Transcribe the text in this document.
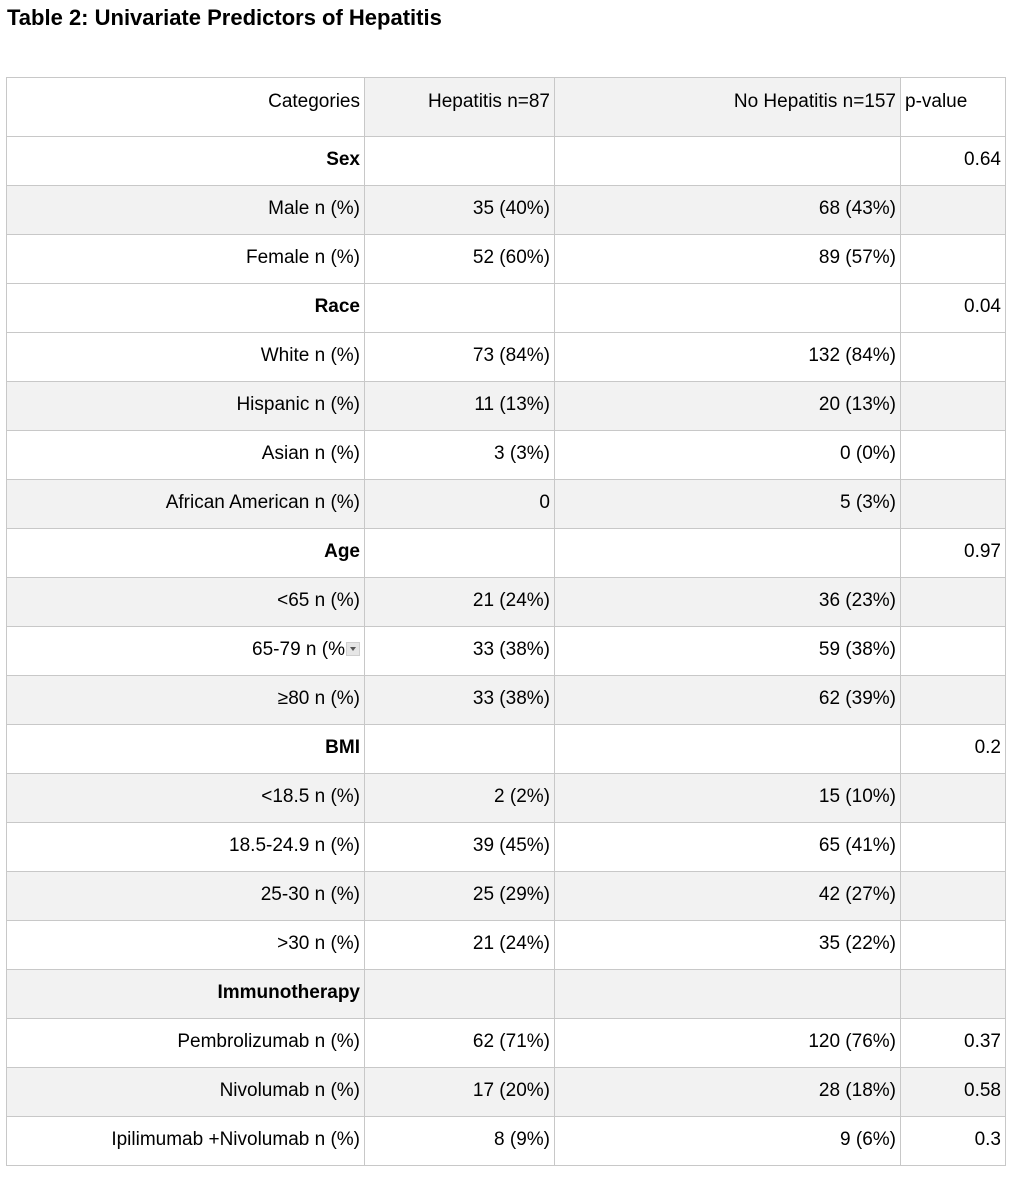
Table 2: Univariate Predictors of Hepatitis
Categories	Hepatitis n=87	No Hepatitis n=157	p-value
Sex			0.64
Male n (%)	35 (40%)	68 (43%)	
Female n (%)	52 (60%)	89 (57%)	
Race			0.04
White n (%)	73 (84%)	132 (84%)	
Hispanic n (%)	11 (13%)	20 (13%)	
Asian n (%)	3 (3%)	0 (0%)	
African American n (%)	0	5 (3%)	
Age			0.97
<65 n (%)	21 (24%)	36 (23%)	
65-79 n (%	33 (38%)	59 (38%)	
≥80 n (%)	33 (38%)	62 (39%)	
BMI			0.2
<18.5 n (%)	2 (2%)	15 (10%)	
18.5-24.9 n (%)	39 (45%)	65 (41%)	
25-30 n (%)	25 (29%)	42 (27%)	
>30 n (%)	21 (24%)	35 (22%)	
Immunotherapy			
Pembrolizumab n (%)	62 (71%)	120 (76%)	0.37
Nivolumab n (%)	17 (20%)	28 (18%)	0.58
Ipilimumab +Nivolumab n (%)	8 (9%)	9 (6%)	0.3
